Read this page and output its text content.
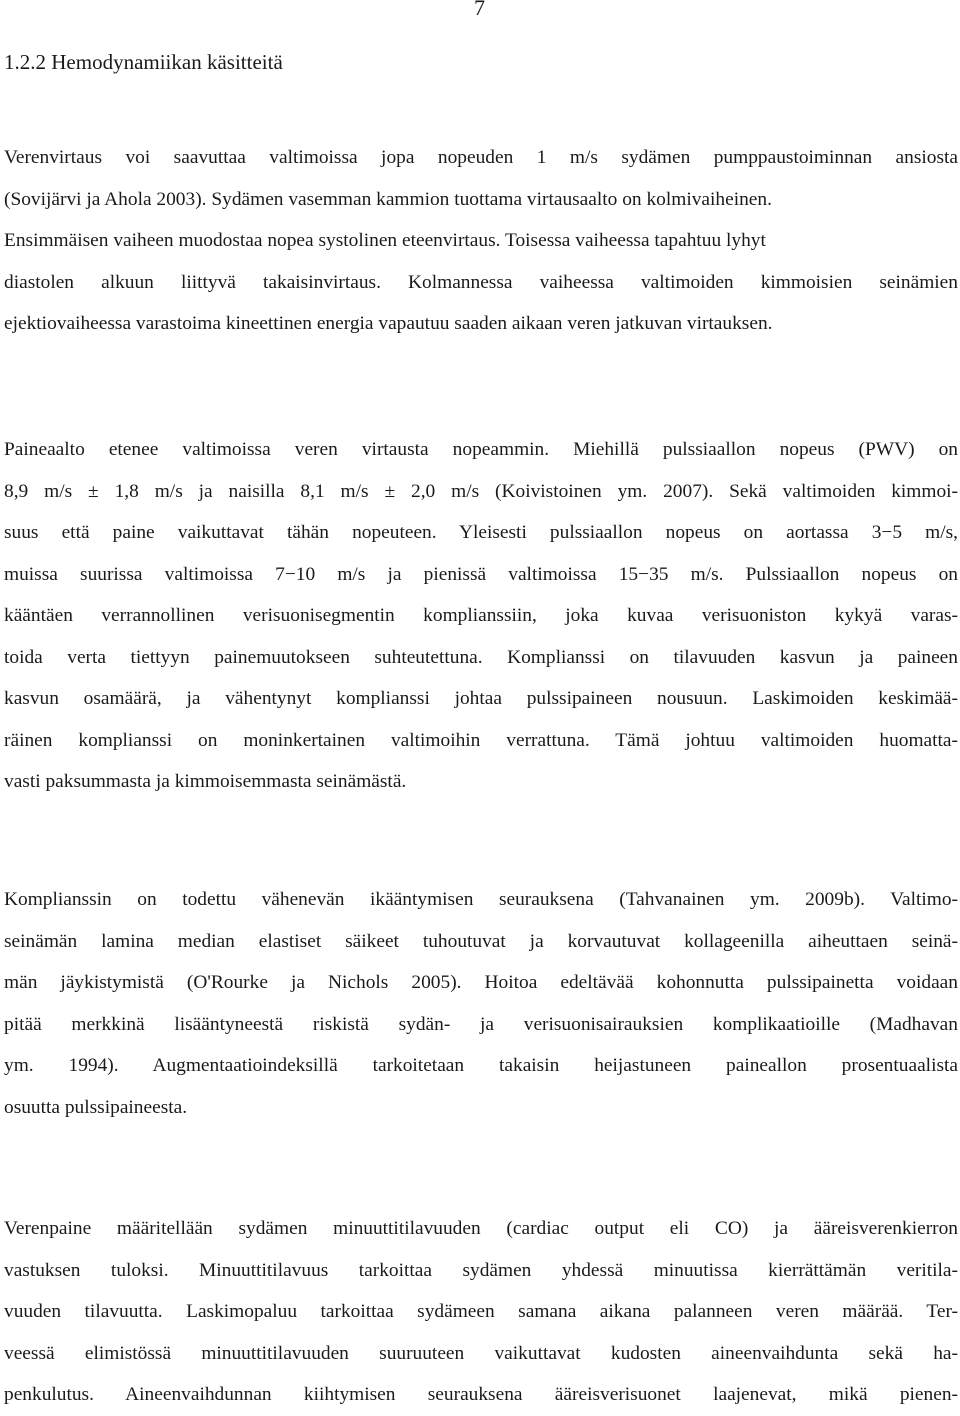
7
1.2.2 Hemodynamiikan käsitteitä
Verenvirtaus voi saavuttaa valtimoissa jopa nopeuden 1 m/s sydämen pumppaustoiminnan ansiosta
(Sovijärvi ja Ahola 2003). Sydämen vasemman kammion tuottama virtausaalto on kolmivaiheinen.
Ensimmäisen vaiheen muodostaa nopea systolinen eteenvirtaus. Toisessa vaiheessa tapahtuu lyhyt
diastolen alkuun liittyvä takaisinvirtaus. Kolmannessa vaiheessa valtimoiden kimmoisien seinämien
ejektiovaiheessa varastoima kineettinen energia vapautuu saaden aikaan veren jatkuvan virtauksen.
Paineaalto etenee valtimoissa veren virtausta nopeammin. Miehillä pulssiaallon nopeus (PWV) on
8,9 m/s ± 1,8 m/s ja naisilla 8,1 m/s ± 2,0 m/s (Koivistoinen ym. 2007). Sekä valtimoiden kimmoi-
suus että paine vaikuttavat tähän nopeuteen. Yleisesti pulssiaallon nopeus on aortassa 3−5 m/s,
muissa suurissa valtimoissa 7−10 m/s ja pienissä valtimoissa 15−35 m/s. Pulssiaallon nopeus on
kääntäen verrannollinen verisuonisegmentin komplianssiin, joka kuvaa verisuoniston kykyä varas-
toida verta tiettyyn painemuutokseen suhteutettuna. Komplianssi on tilavuuden kasvun ja paineen
kasvun osamäärä, ja vähentynyt komplianssi johtaa pulssipaineen nousuun. Laskimoiden keskimää-
räinen komplianssi on moninkertainen valtimoihin verrattuna. Tämä johtuu valtimoiden huomatta-
vasti paksummasta ja kimmoisemmasta seinämästä.
Komplianssin on todettu vähenevän ikääntymisen seurauksena (Tahvanainen ym. 2009b). Valtimo-
seinämän lamina median elastiset säikeet tuhoutuvat ja korvautuvat kollageenilla aiheuttaen seinä-
män jäykistymistä (O'Rourke ja Nichols 2005). Hoitoa edeltävää kohonnutta pulssipainetta voidaan
pitää merkkinä lisääntyneestä riskistä sydän- ja verisuonisairauksien komplikaatioille (Madhavan
ym. 1994). Augmentaatioindeksillä tarkoitetaan takaisin heijastuneen paineallon prosentuaalista
osuutta pulssipaineesta.
Verenpaine määritellään sydämen minuuttitilavuuden (cardiac output eli CO) ja ääreisverenkierron
vastuksen tuloksi. Minuuttitilavuus tarkoittaa sydämen yhdessä minuutissa kierrättämän veritila-
vuuden tilavuutta. Laskimopaluu tarkoittaa sydämeen samana aikana palanneen veren määrää. Ter-
veessä elimistössä minuuttitilavuuden suuruuteen vaikuttavat kudosten aineenvaihdunta sekä ha-
penkulutus. Aineenvaihdunnan kiihtymisen seurauksena ääreisverisuonet laajenevat, mikä pienen-
